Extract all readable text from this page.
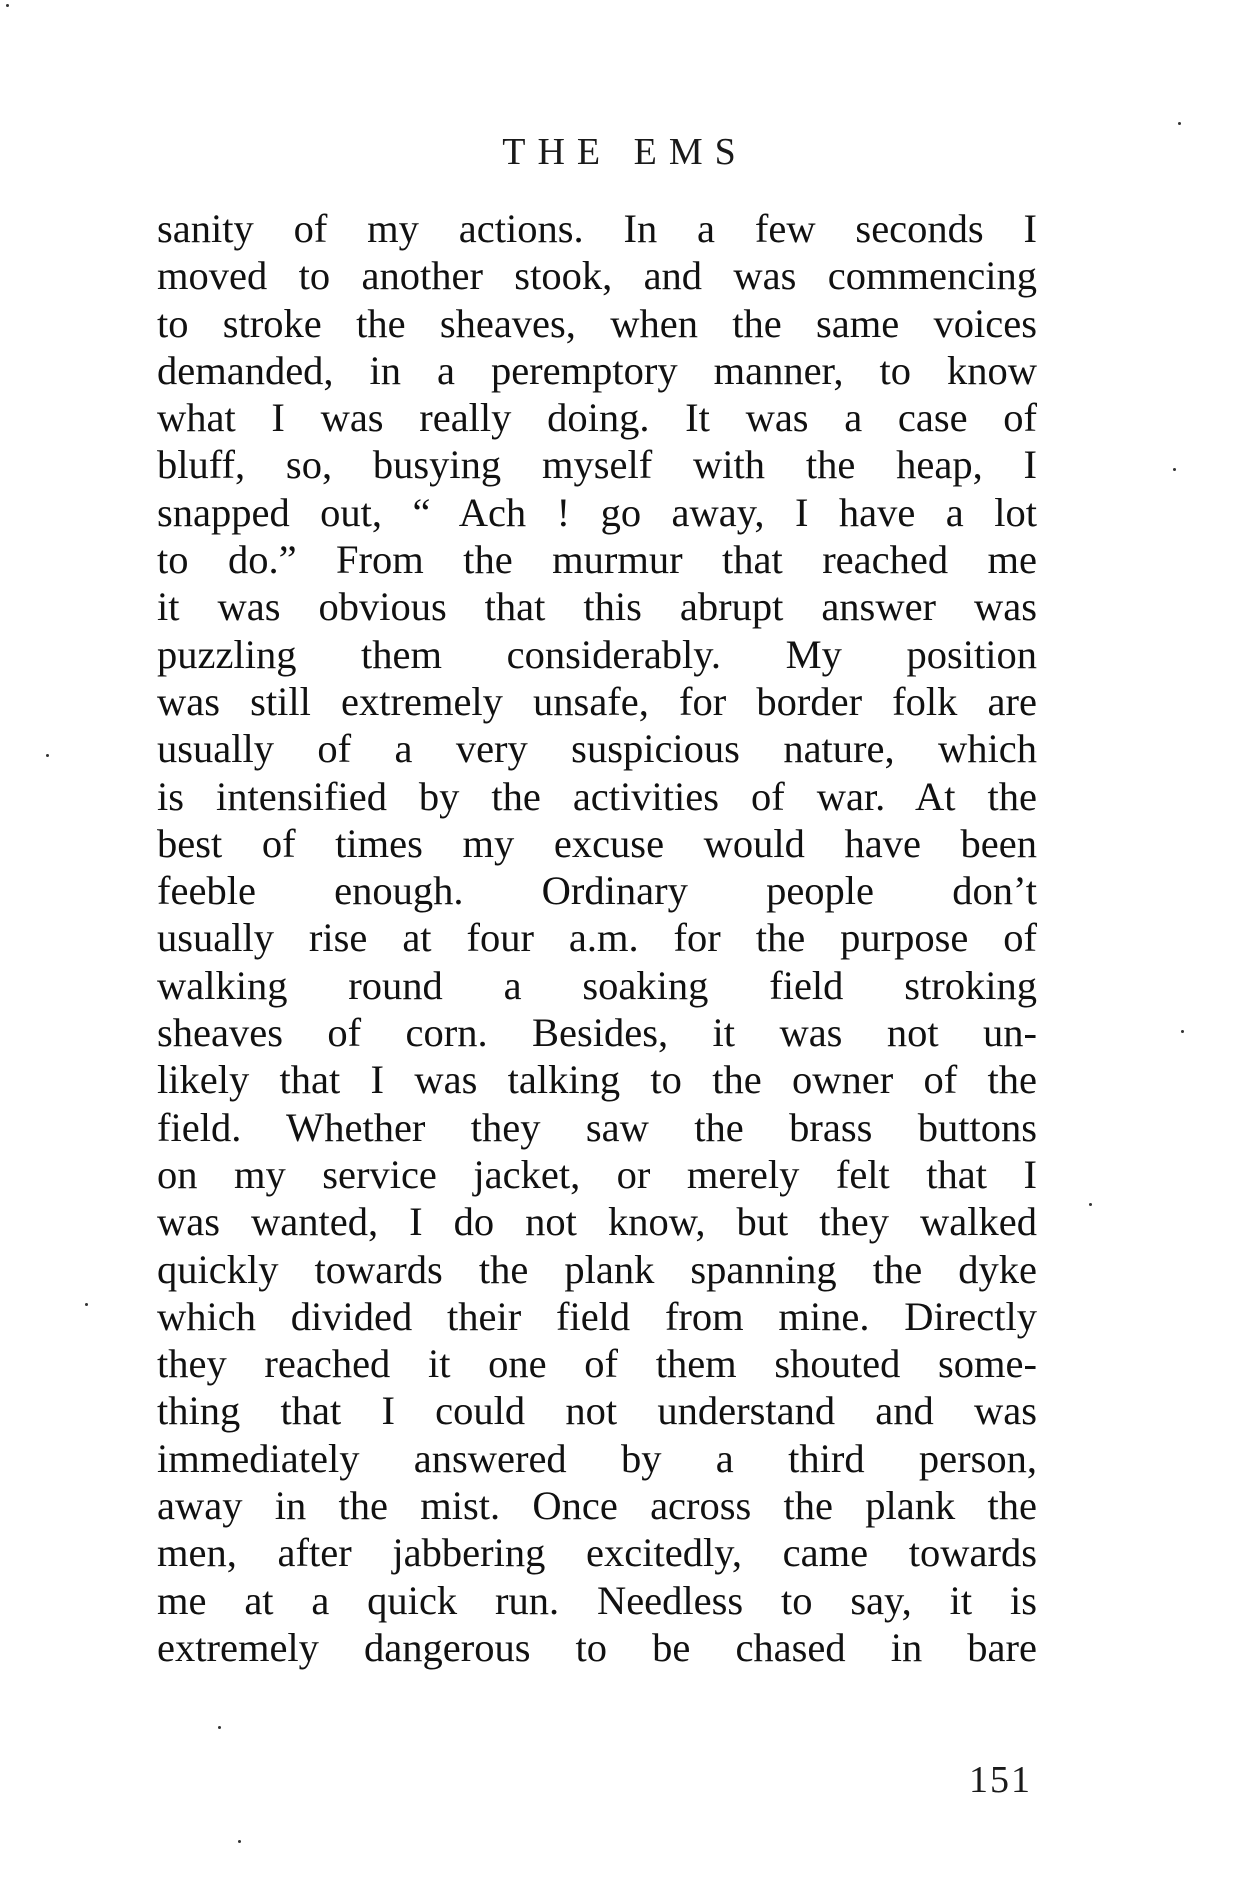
THE EMS
sanity of my actions. In a few seconds I
moved to another stook, and was commencing
to stroke the sheaves, when the same voices
demanded, in a peremptory manner, to know
what I was really doing. It was a case of
bluff, so, busying myself with the heap, I
snapped out, “ Ach ! go away, I have a lot
to do.” From the murmur that reached me
it was obvious that this abrupt answer was
puzzling them considerably. My position
was still extremely unsafe, for border folk are
usually of a very suspicious nature, which
is intensified by the activities of war. At the
best of times my excuse would have been
feeble enough. Ordinary people don’t
usually rise at four a.m. for the purpose of
walking round a soaking field stroking
sheaves of corn. Besides, it was not un-
likely that I was talking to the owner of the
field. Whether they saw the brass buttons
on my service jacket, or merely felt that I
was wanted, I do not know, but they walked
quickly towards the plank spanning the dyke
which divided their field from mine. Directly
they reached it one of them shouted some-
thing that I could not understand and was
immediately answered by a third person,
away in the mist. Once across the plank the
men, after jabbering excitedly, came towards
me at a quick run. Needless to say, it is
extremely dangerous to be chased in bare
151
